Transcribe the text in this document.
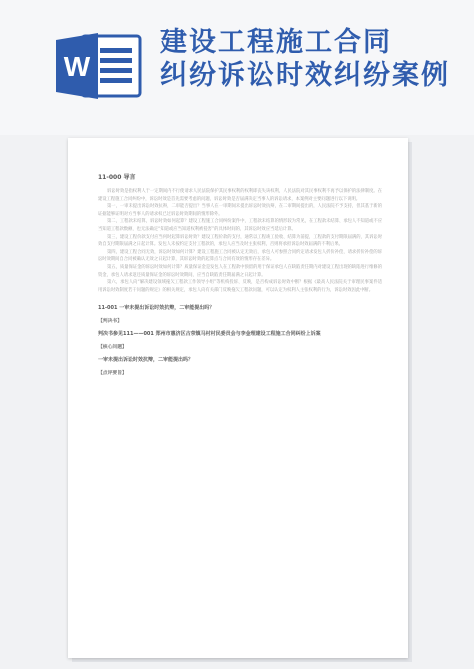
W
建设工程施工合同
纠纷诉讼时效纠纷案例
11-000 导言

诉讼时效是指权利人于一定期间内不行使请求人民法院保护其民事权利的权利即丧失该权利，人民法院对其民事权利不再予以保护的法律制度。在建设工程施工合同纠纷中，诉讼时效是首先需要考虑的问题，诉讼时效是否届满决定当事人的诉讼请求，本案例对主要问题进行以下说明。

第一，一审未提出诉讼时效抗辩，二审能否提出？当事人在一审期间未提出诉讼时效抗辩，在二审期间提出的，人民法院不予支持，但其基于新的证据能够证明对方当事人的请求权已过诉讼时效期间的情形除外。

第二，工程款未结算，诉讼时效如何起算？建设工程施工合同纠纷案件中，工程款未结算的情形较为常见，在工程款未结算、承包人不知道或不应当知道工程款数额、也无法确定“知道或应当知道权利被侵害”的具体时间的，其诉讼时效应当延后计算。

第三，建设工程价款支付应当何时起算诉讼时效？建设工程价款的支付，通常以工程竣工验收、结算为前提，工程款的支付期限届满的，其诉讼时效自支付期限届满之日起计算。发包人未按约定支付工程款的，承包人应当及时主张权利，否则将承担诉讼时效届满的不利后果。

第四，建设工程合同无效，诉讼时效如何计算？建设工程施工合同被认定无效后，承包人可参照合同约定请求发包人折价补偿，请求折价补偿的诉讼时效期间自合同被确认无效之日起计算，其诉讼时效的起算点与合同有效的情形存在差异。

第五，质量保证金的诉讼时效如何计算？质量保证金是发包人在工程款中预留的用于保证承包人在缺陷责任期内对建设工程出现的缺陷进行维修的资金，承包人请求返还质量保证金的诉讼时效期间，应当自缺陷责任期届满之日起计算。

第六，承包人向“解决建设领域拖欠工程款工作领导小组”等机构投诉、反映，是否构成诉讼时效中断？根据《最高人民法院关于审理民事案件适用诉讼时效制度若干问题的规定》的相关规定，承包人向有关部门反映拖欠工程款问题，可以认定为权利人主张权利的行为，诉讼时效因此中断。

11-001 一审未提出诉讼时效抗辩，二审能提出吗？
【判决书】
判决书参见111——001 郑州市惠济区古荥镇马村村民委员会与李金理建设工程施工合同纠纷上诉案
【核心问题】
一审未提出诉讼时效抗辩，二审能提出吗？
【点评要旨】
